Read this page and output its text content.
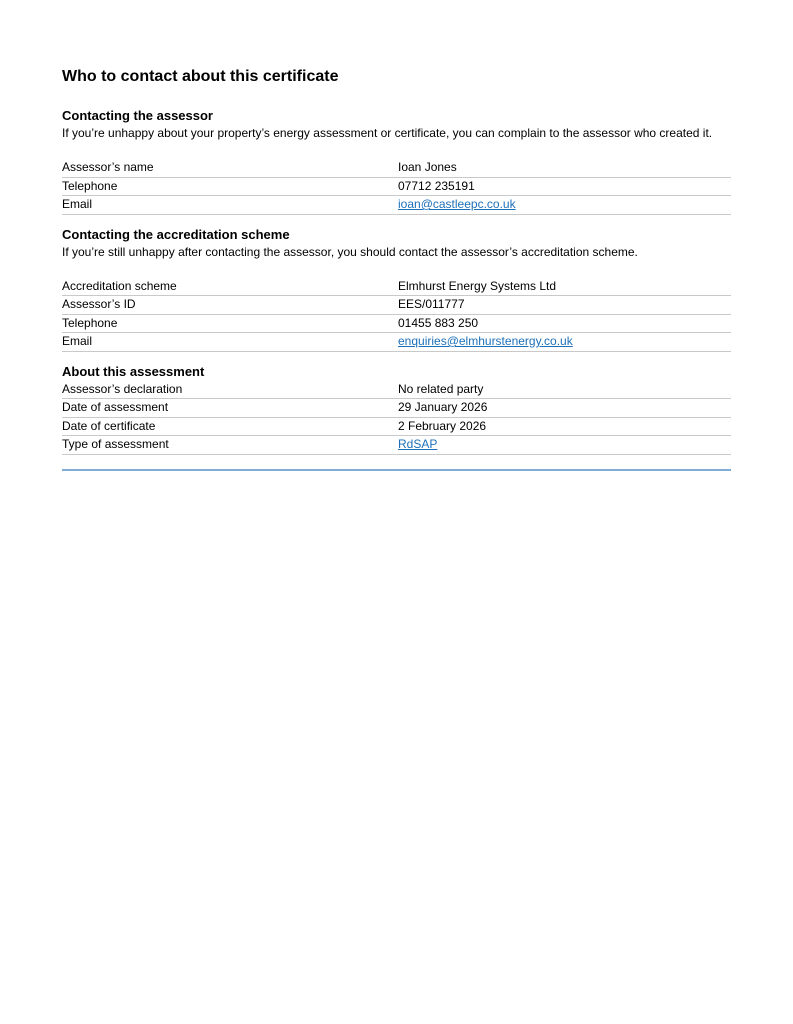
Who to contact about this certificate
Contacting the assessor

If you’re unhappy about your property’s energy assessment or certificate, you can complain to the assessor who created it.

Assessor’s name	Ioan Jones
Telephone	07712 235191
Email	ioan@castleepc.co.uk
Contacting the accreditation scheme

If you’re still unhappy after contacting the assessor, you should contact the assessor’s accreditation scheme.

Accreditation scheme	Elmhurst Energy Systems Ltd
Assessor’s ID	EES/011777
Telephone	01455 883 250
Email	enquiries@elmhurstenergy.co.uk
About this assessment
Assessor’s declaration	No related party
Date of assessment	29 January 2026
Date of certificate	2 February 2026
Type of assessment	RdSAP
